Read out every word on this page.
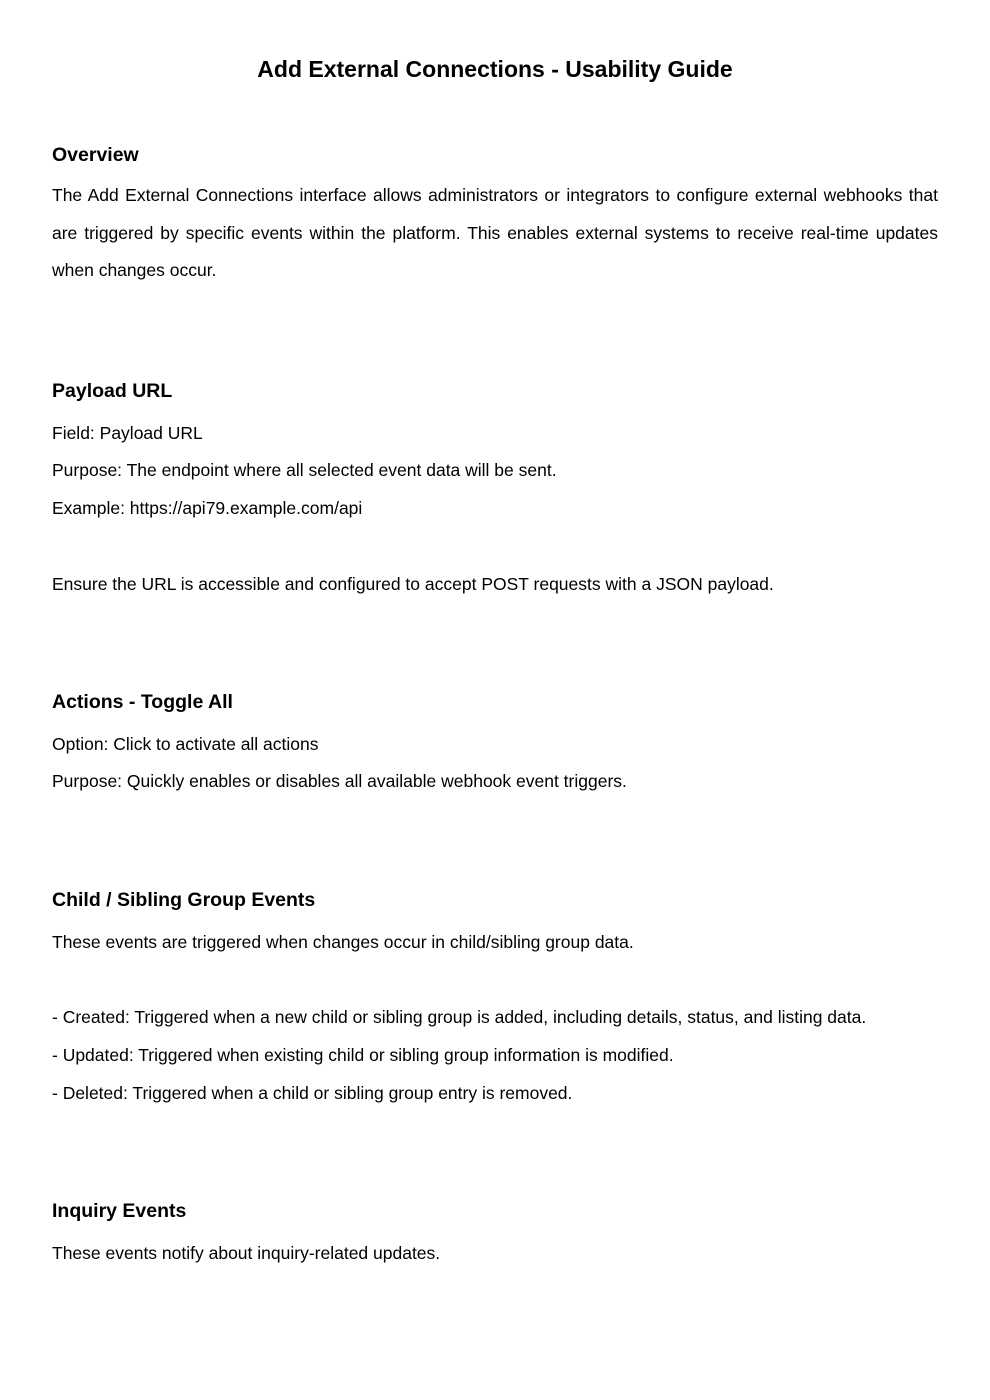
Add External Connections - Usability Guide
Overview

The Add External Connections interface allows administrators or integrators to configure external webhooks that are triggered by specific events within the platform. This enables external systems to receive real-time updates when changes occur.

Payload URL

Field: Payload URL

Purpose: The endpoint where all selected event data will be sent.

Example: https://api79.example.com/api

Ensure the URL is accessible and configured to accept POST requests with a JSON payload.

Actions - Toggle All

Option: Click to activate all actions

Purpose: Quickly enables or disables all available webhook event triggers.

Child / Sibling Group Events

These events are triggered when changes occur in child/sibling group data.

- Created: Triggered when a new child or sibling group is added, including details, status, and listing data.

- Updated: Triggered when existing child or sibling group information is modified.

- Deleted: Triggered when a child or sibling group entry is removed.

Inquiry Events

These events notify about inquiry-related updates.
